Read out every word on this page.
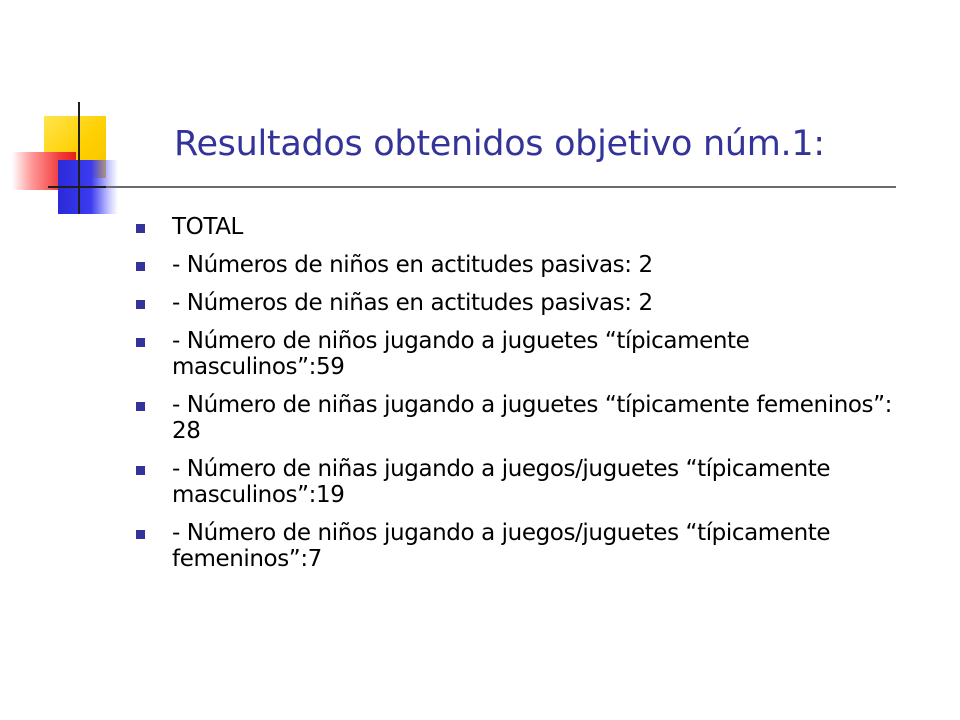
Resultados obtenidos objetivo núm.1:
TOTAL
- Números de niños en actitudes pasivas: 2
- Números de niñas en actitudes pasivas: 2
- Número de niños jugando a juguetes “típicamente masculinos”:59
- Número de niñas jugando a juguetes “típicamente femeninos”: 28
- Número de niñas jugando a juegos/juguetes “típicamente masculinos”:19
- Número de niños jugando a juegos/juguetes “típicamente femeninos”:7
